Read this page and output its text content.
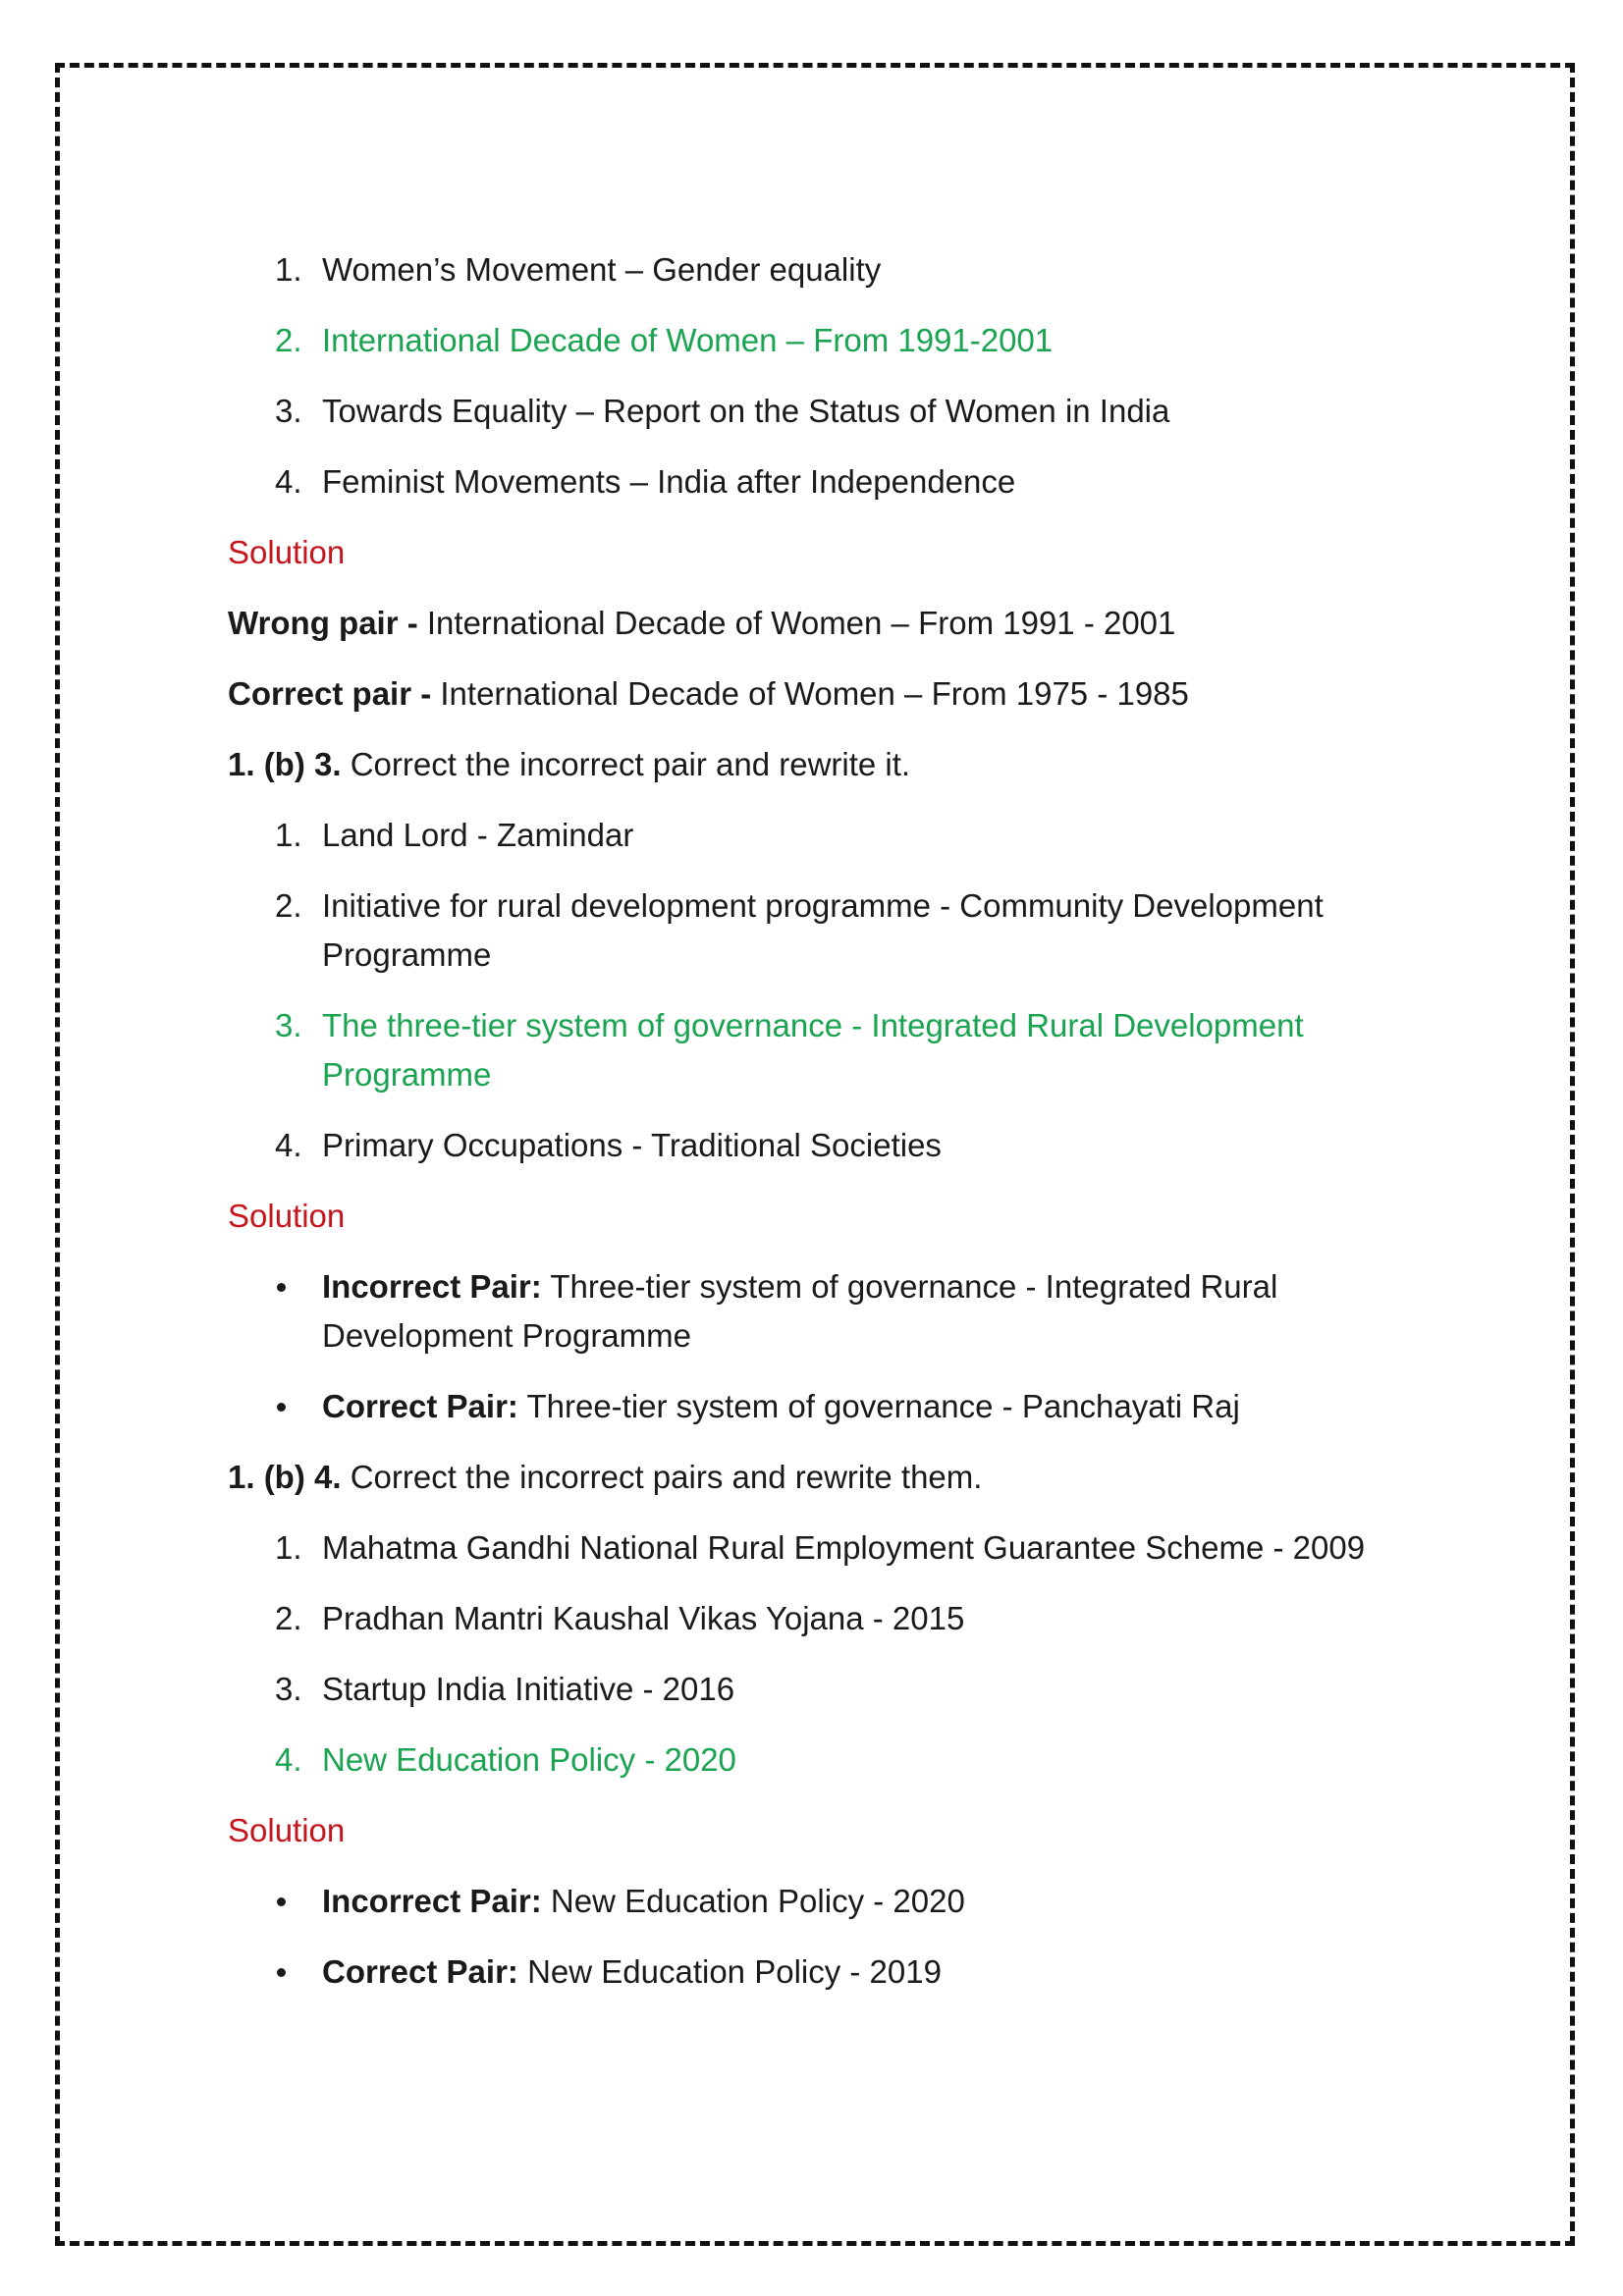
1. Women’s Movement – Gender equality
2. International Decade of Women – From 1991-2001
3. Towards Equality – Report on the Status of Women in India
4. Feminist Movements – India after Independence
Solution
Wrong pair - International Decade of Women – From 1991 - 2001
Correct pair - International Decade of Women – From 1975 - 1985
1. (b) 3. Correct the incorrect pair and rewrite it.
1. Land Lord - Zamindar
2. Initiative for rural development programme - Community Development Programme
3. The three-tier system of governance - Integrated Rural Development Programme
4. Primary Occupations - Traditional Societies
Solution
Incorrect Pair: Three-tier system of governance - Integrated Rural Development Programme
Correct Pair: Three-tier system of governance - Panchayati Raj
1. (b) 4. Correct the incorrect pairs and rewrite them.
1. Mahatma Gandhi National Rural Employment Guarantee Scheme - 2009
2. Pradhan Mantri Kaushal Vikas Yojana - 2015
3. Startup India Initiative - 2016
4. New Education Policy - 2020
Solution
Incorrect Pair: New Education Policy - 2020
Correct Pair: New Education Policy - 2019
